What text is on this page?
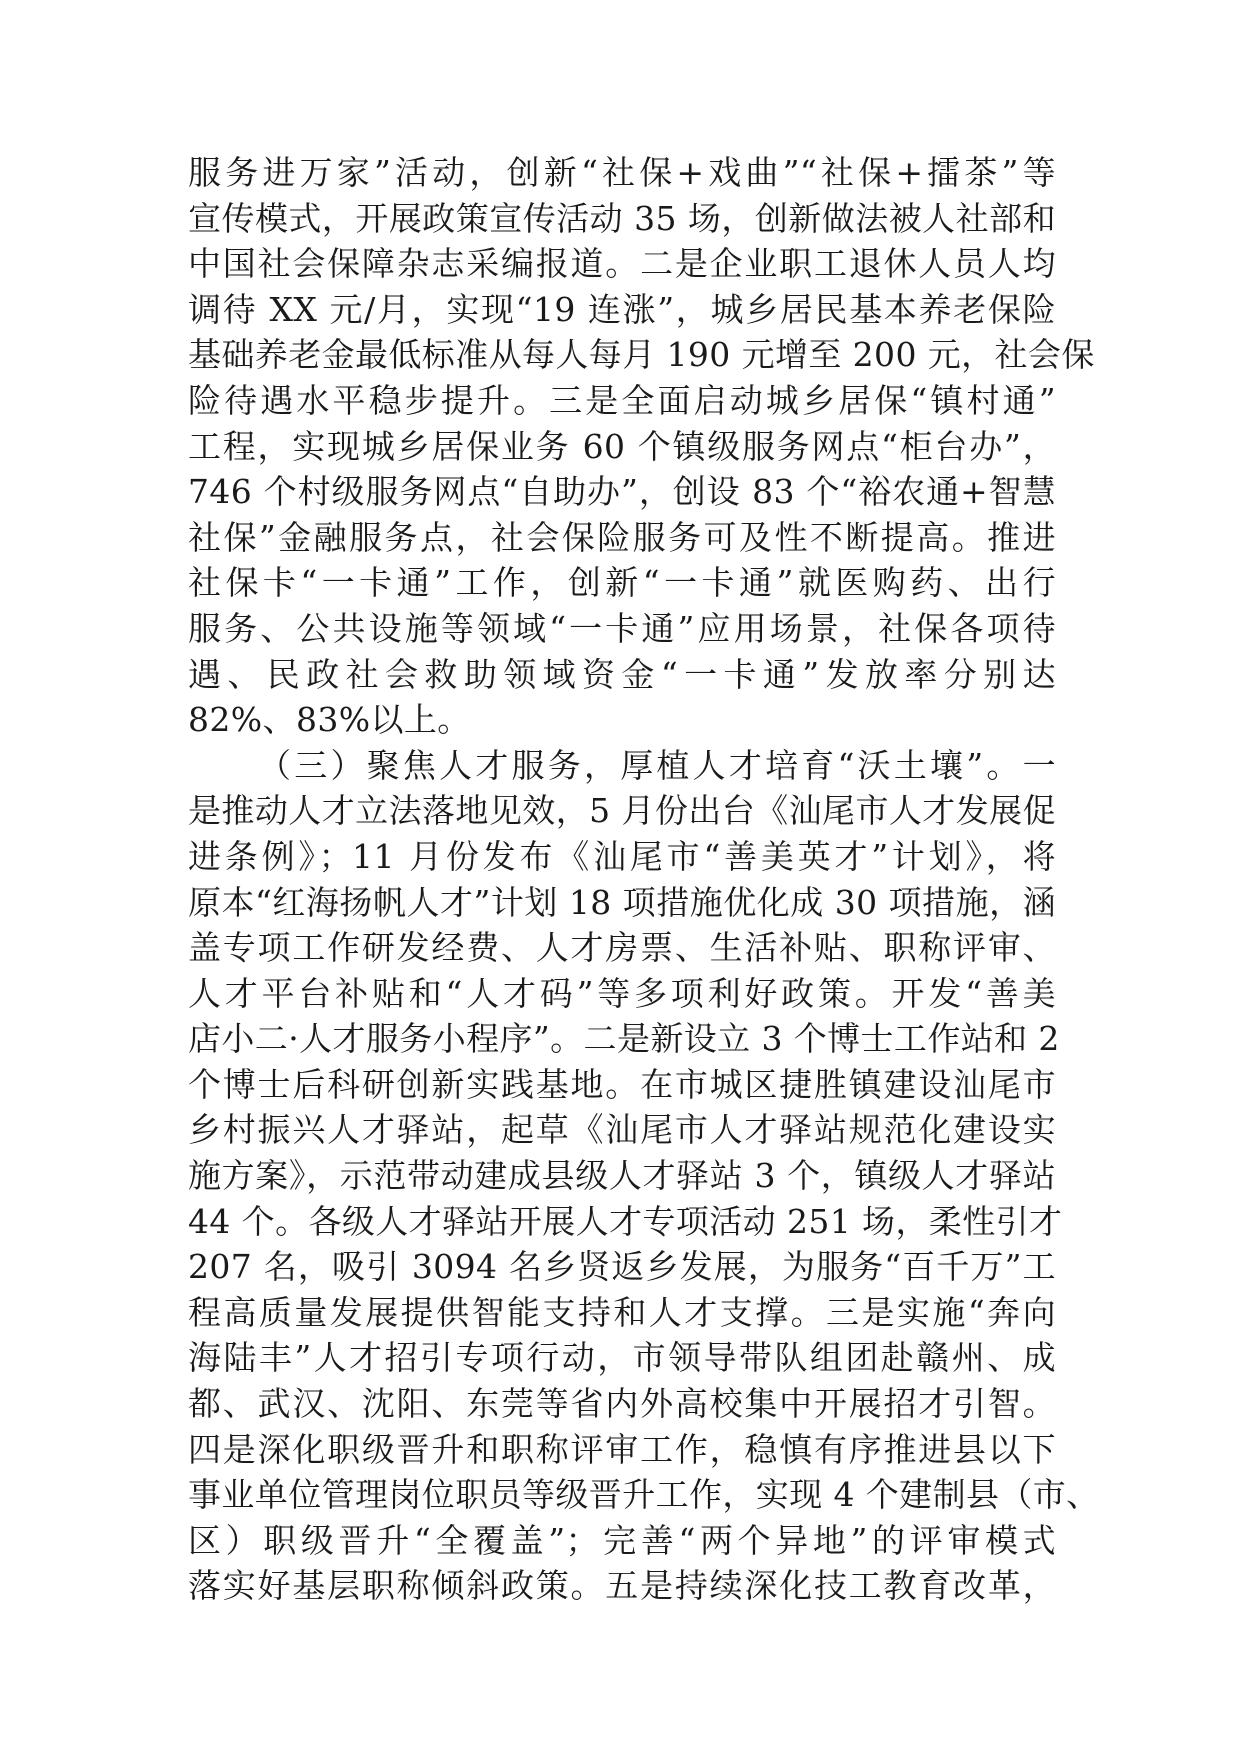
服务进万家”活动，创新“社保+戏曲”“社保+擂茶”等
宣传模式，开展政策宣传活动 35 场，创新做法被人社部和
中国社会保障杂志采编报道。二是企业职工退休人员人均
调待 XX 元/月，实现“19 连涨”，城乡居民基本养老保险
基础养老金最低标准从每人每月 190 元增至 200 元，社会保
险待遇水平稳步提升。三是全面启动城乡居保“镇村通”
工程，实现城乡居保业务 60 个镇级服务网点“柜台办”，
746 个村级服务网点“自助办”，创设 83 个“裕农通+智慧
社保”金融服务点，社会保险服务可及性不断提高。推进
社保卡“一卡通”工作，创新“一卡通”就医购药、出行
服务、公共设施等领域“一卡通”应用场景，社保各项待
遇、民政社会救助领域资金“一卡通”发放率分别达
82%、83%以上。
（三）聚焦人才服务，厚植人才培育“沃土壤”。一
是推动人才立法落地见效，5 月份出台《汕尾市人才发展促
进条例》；11 月份发布《汕尾市“善美英才”计划》，将
原本“红海扬帆人才”计划 18 项措施优化成 30 项措施，涵
盖专项工作研发经费、人才房票、生活补贴、职称评审、
人才平台补贴和“人才码”等多项利好政策。开发“善美
店小二·人才服务小程序”。二是新设立 3 个博士工作站和 2
个博士后科研创新实践基地。在市城区捷胜镇建设汕尾市
乡村振兴人才驿站，起草《汕尾市人才驿站规范化建设实
施方案》，示范带动建成县级人才驿站 3 个，镇级人才驿站
44 个。各级人才驿站开展人才专项活动 251 场，柔性引才
207 名，吸引 3094 名乡贤返乡发展，为服务“百千万”工
程高质量发展提供智能支持和人才支撑。三是实施“奔向
海陆丰”人才招引专项行动，市领导带队组团赴赣州、成
都、武汉、沈阳、东莞等省内外高校集中开展招才引智。
四是深化职级晋升和职称评审工作，稳慎有序推进县以下
事业单位管理岗位职员等级晋升工作，实现 4 个建制县（市、
区）职级晋升“全覆盖”；完善“两个异地”的评审模式
落实好基层职称倾斜政策。五是持续深化技工教育改革，
